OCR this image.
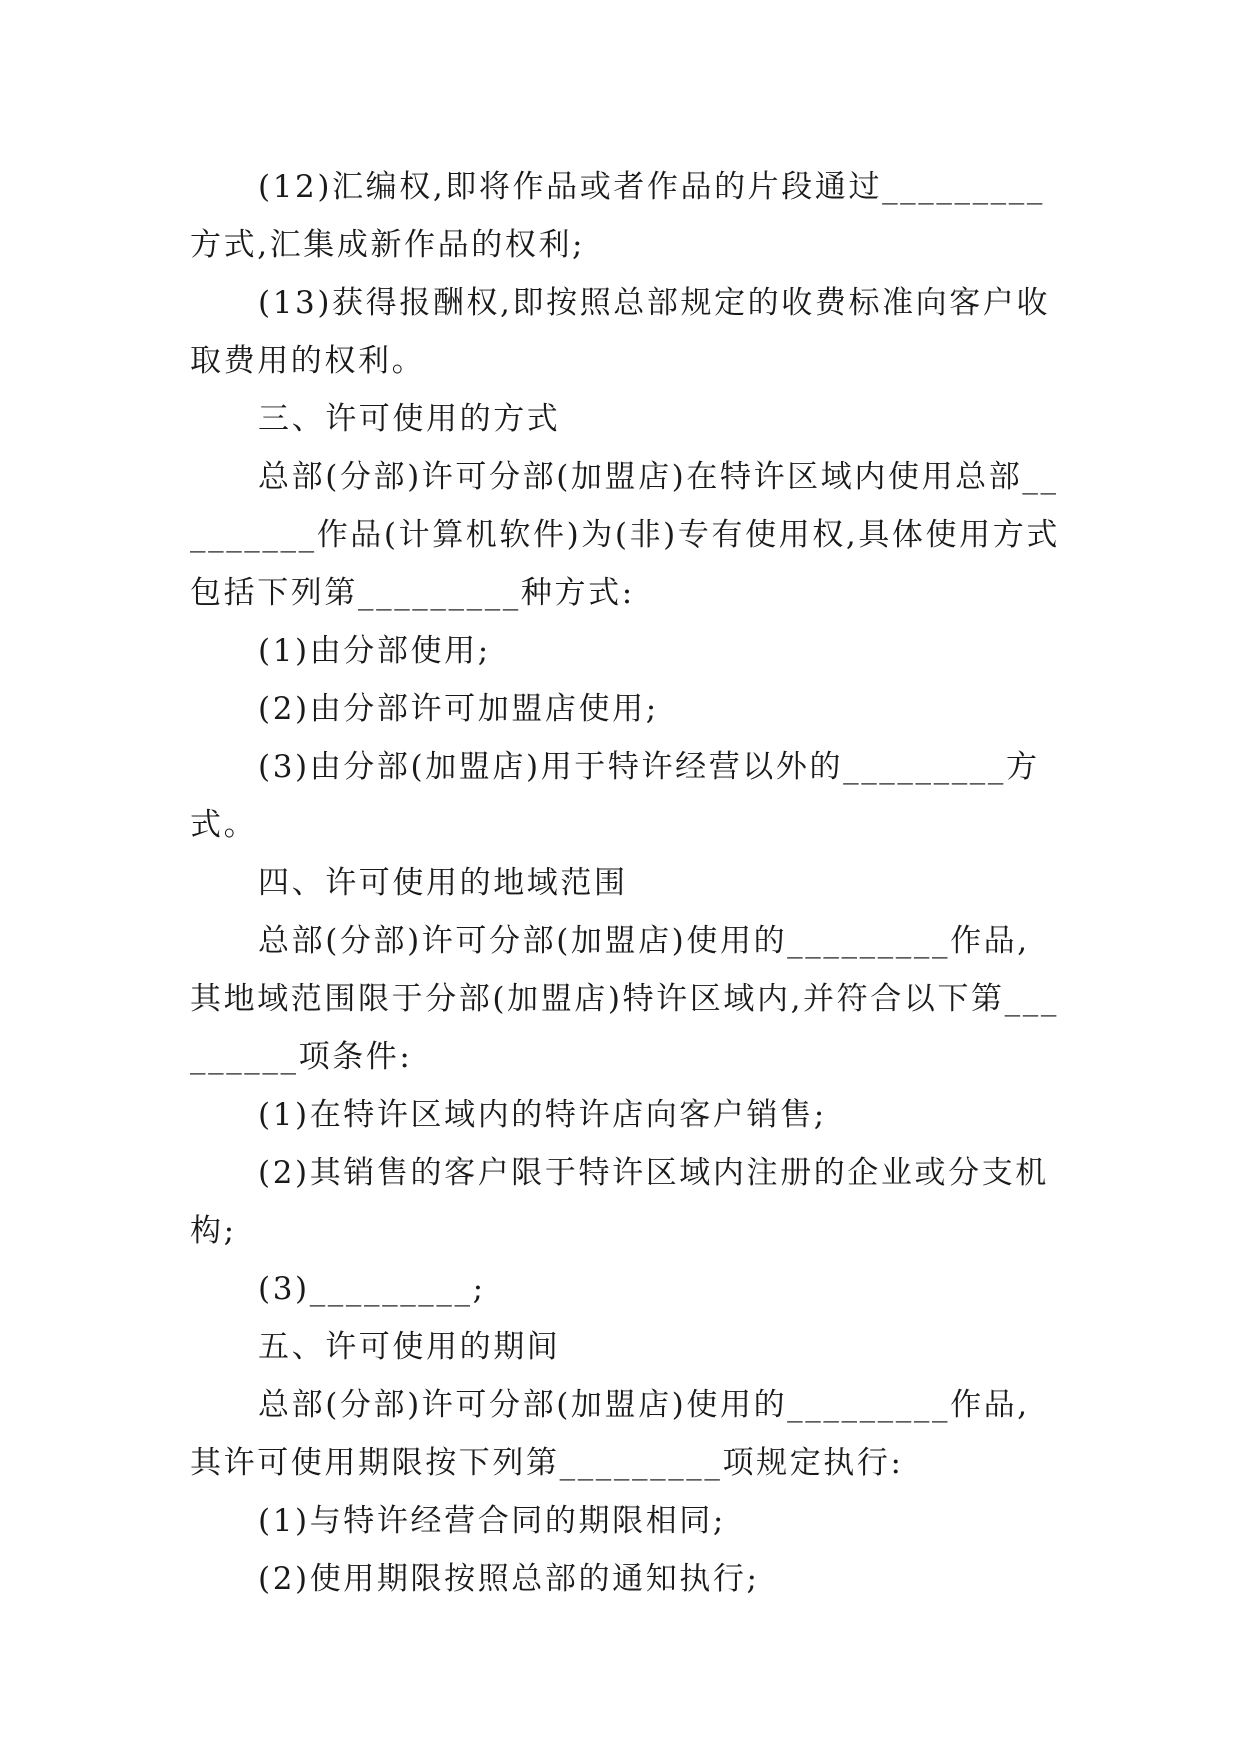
(12)汇编权,即将作品或者作品的片段通过_________方式,汇集成新作品的权利;

(13)获得报酬权,即按照总部规定的收费标准向客户收取费用的权利。

三、许可使用的方式

总部(分部)许可分部(加盟店)在特许区域内使用总部_________作品(计算机软件)为(非)专有使用权,具体使用方式包括下列第_________种方式:

(1)由分部使用;

(2)由分部许可加盟店使用;

(3)由分部(加盟店)用于特许经营以外的_________方式。

四、许可使用的地域范围

总部(分部)许可分部(加盟店)使用的_________作品,其地域范围限于分部(加盟店)特许区域内,并符合以下第_________项条件:

(1)在特许区域内的特许店向客户销售;

(2)其销售的客户限于特许区域内注册的企业或分支机构;

(3)_________;

五、许可使用的期间

总部(分部)许可分部(加盟店)使用的_________作品,其许可使用期限按下列第_________项规定执行:

(1)与特许经营合同的期限相同;

(2)使用期限按照总部的通知执行;
